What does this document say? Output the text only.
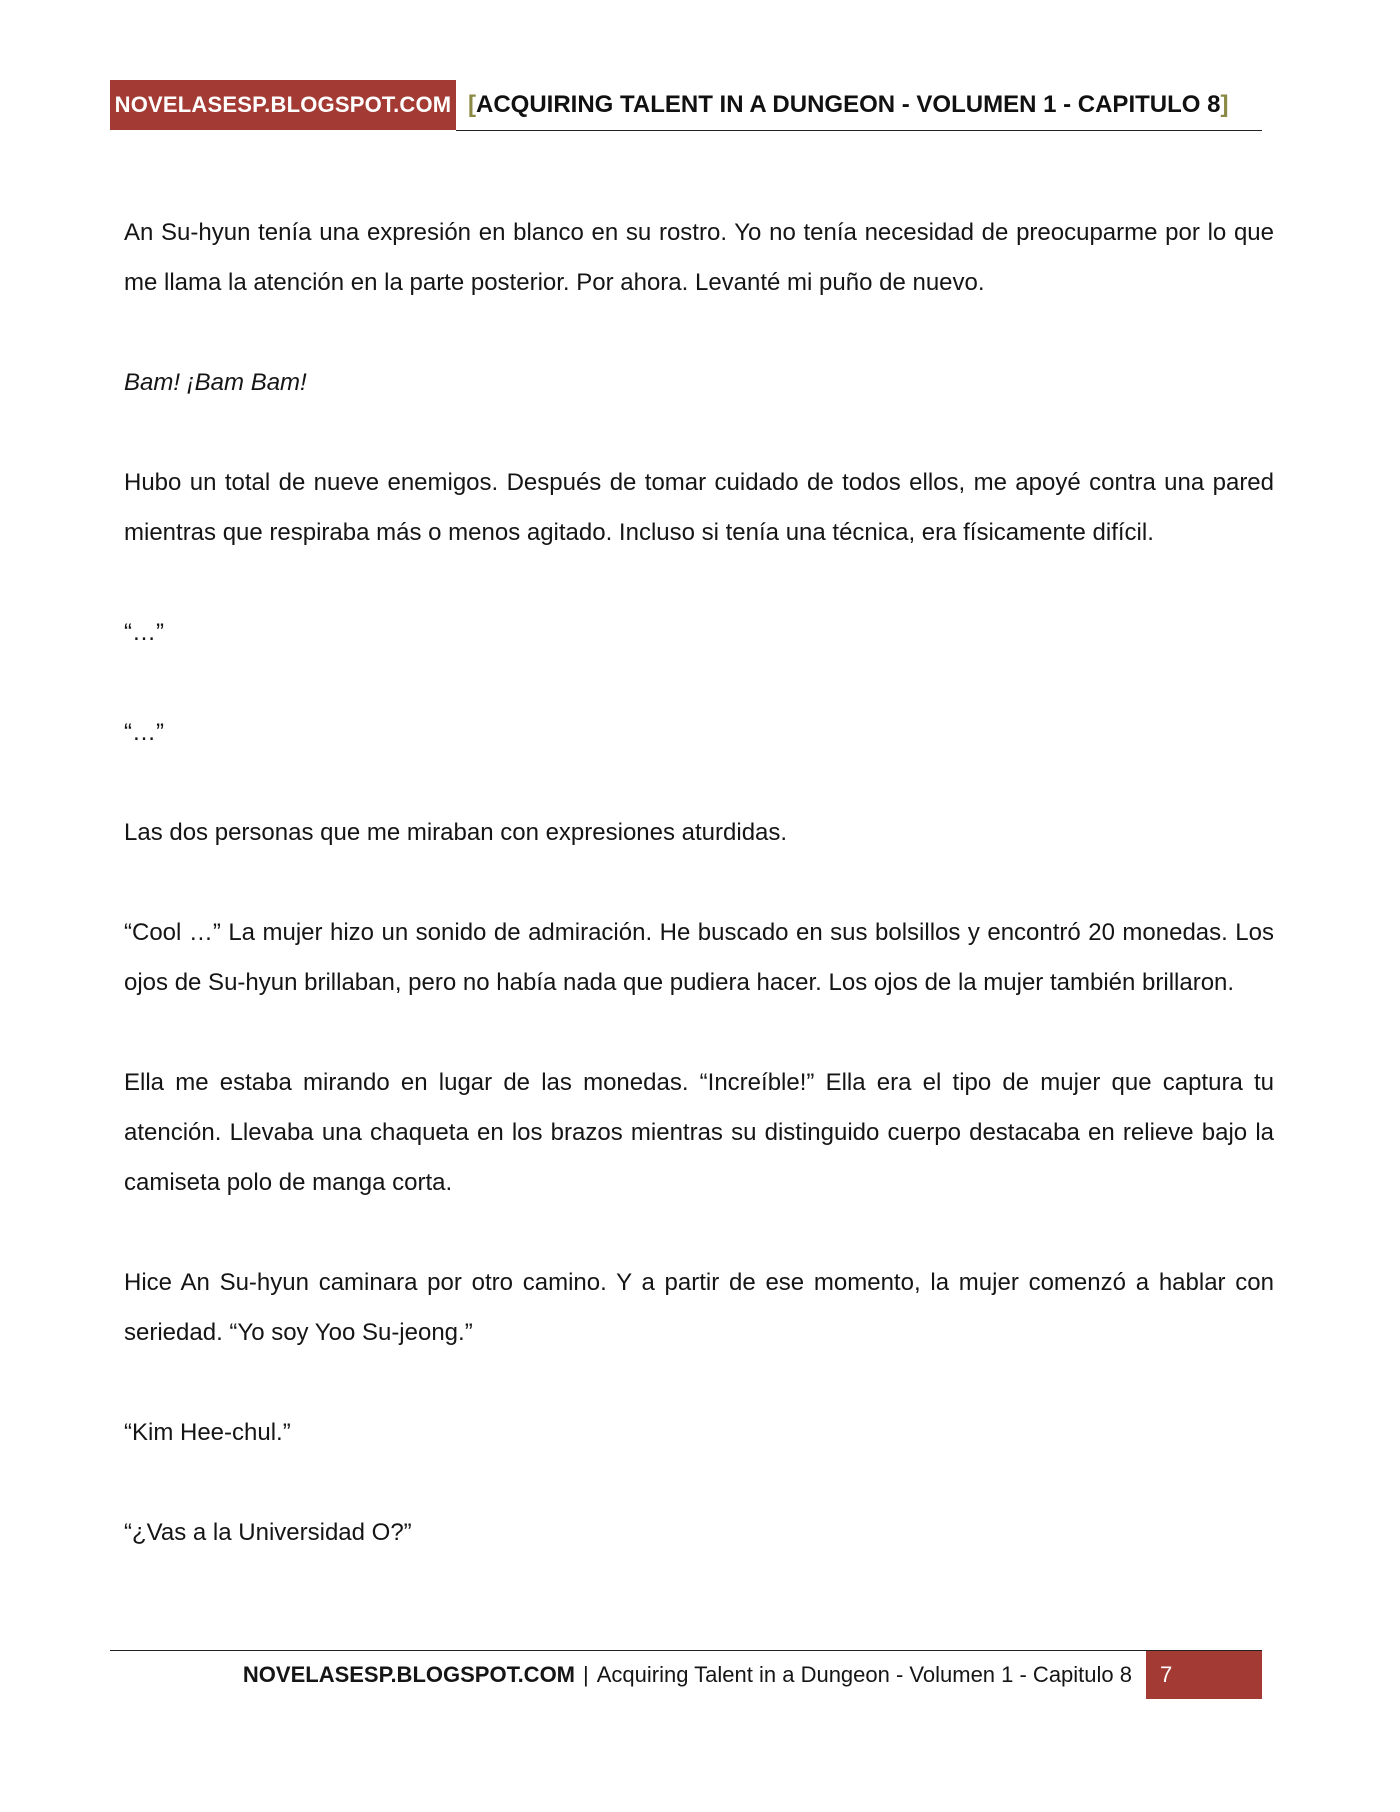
NOVELASESP.BLOGSPOT.COM [ACQUIRING TALENT IN A DUNGEON - VOLUMEN 1 - CAPITULO 8]

An Su-hyun tenía una expresión en blanco en su rostro. Yo no tenía necesidad de preocuparme por lo que me llama la atención en la parte posterior. Por ahora. Levanté mi puño de nuevo.

Bam! ¡Bam Bam!

Hubo un total de nueve enemigos. Después de tomar cuidado de todos ellos, me apoyé contra una pared mientras que respiraba más o menos agitado. Incluso si tenía una técnica, era físicamente difícil.

“…”

“…”

Las dos personas que me miraban con expresiones aturdidas.

“Cool …” La mujer hizo un sonido de admiración. He buscado en sus bolsillos y encontró 20 monedas. Los ojos de Su-hyun brillaban, pero no había nada que pudiera hacer. Los ojos de la mujer también brillaron.

Ella me estaba mirando en lugar de las monedas. “Increíble!” Ella era el tipo de mujer que captura tu atención. Llevaba una chaqueta en los brazos mientras su distinguido cuerpo destacaba en relieve bajo la camiseta polo de manga corta.

Hice An Su-hyun caminara por otro camino. Y a partir de ese momento, la mujer comenzó a hablar con seriedad. “Yo soy Yoo Su-jeong.”

“Kim Hee-chul.”

“¿Vas a la Universidad O?”

NOVELASESP.BLOGSPOT.COM | Acquiring Talent in a Dungeon - Volumen 1 - Capitulo 8	7
